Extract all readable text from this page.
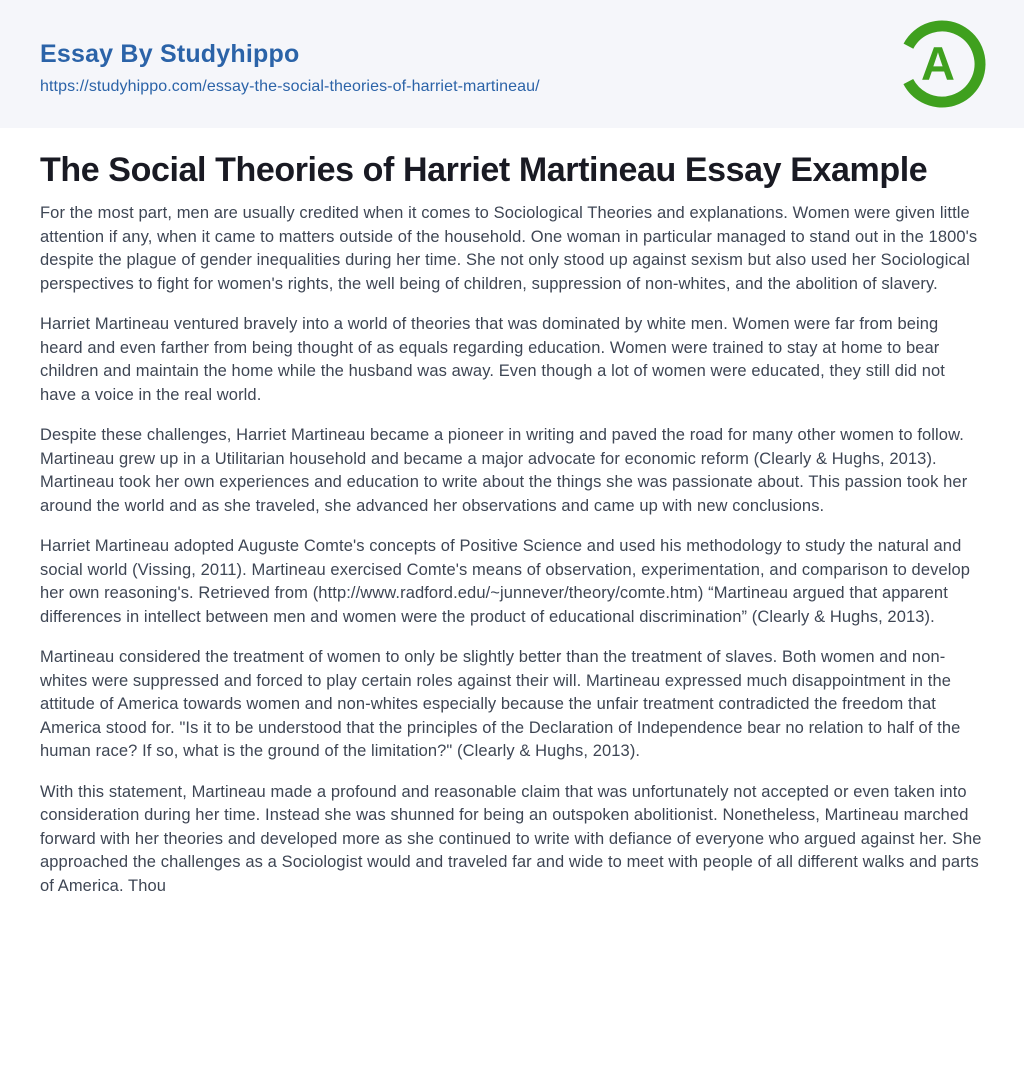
Essay By Studyhippo
https://studyhippo.com/essay-the-social-theories-of-harriet-martineau/	A
The Social Theories of Harriet Martineau Essay Example

For the most part, men are usually credited when it comes to Sociological Theories and explanations. Women were given little attention if any, when it came to matters outside of the household. One woman in particular managed to stand out in the 1800's despite the plague of gender inequalities during her time. She not only stood up against sexism but also used her Sociological perspectives to fight for women's rights, the well being of children, suppression of non-whites, and the abolition of slavery.

Harriet Martineau ventured bravely into a world of theories that was dominated by white men. Women were far from being heard and even farther from being thought of as equals regarding education. Women were trained to stay at home to bear children and maintain the home while the husband was away. Even though a lot of women were educated, they still did not have a voice in the real world.

Despite these challenges, Harriet Martineau became a pioneer in writing and paved the road for many other women to follow. Martineau grew up in a Utilitarian household and became a major advocate for economic reform (Clearly & Hughs, 2013). Martineau took her own experiences and education to write about the things she was passionate about. This passion took her around the world and as she traveled, she advanced her observations and came up with new conclusions.

Harriet Martineau adopted Auguste Comte's concepts of Positive Science and used his methodology to study the natural and social world (Vissing, 2011). Martineau exercised Comte's means of observation, experimentation, and comparison to develop her own reasoning's. Retrieved from (http://www.radford.edu/~junnever/theory/comte.htm) “Martineau argued that apparent differences in intellect between men and women were the product of educational discrimination” (Clearly & Hughs, 2013).

Martineau considered the treatment of women to only be slightly better than the treatment of slaves. Both women and non-whites were suppressed and forced to play certain roles against their will. Martineau expressed much disappointment in the attitude of America towards women and non-whites especially because the unfair treatment contradicted the freedom that America stood for. "Is it to be understood that the principles of the Declaration of Independence bear no relation to half of the human race? If so, what is the ground of the limitation?" (Clearly & Hughs, 2013).

With this statement, Martineau made a profound and reasonable claim that was unfortunately not accepted or even taken into consideration during her time. Instead she was shunned for being an outspoken abolitionist. Nonetheless, Martineau marched forward with her theories and developed more as she continued to write with defiance of everyone who argued against her. She approached the challenges as a Sociologist would and traveled far and wide to meet with people of all different walks and parts of America. Thou
